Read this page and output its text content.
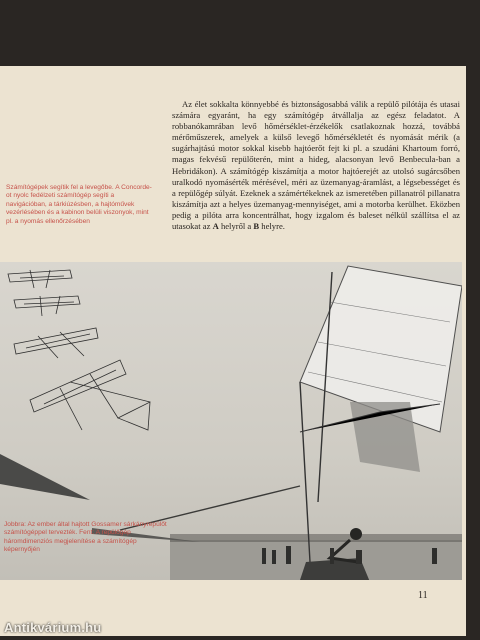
Számítógépek segítik fel a levegőbe. A Concorde-ot nyolc fedélzeti számítógép segíti a navigációban, a tárkiúzésben, a hajtóművek vezérlésében és a kabinon belüli viszonyok, mint pl. a nyomás ellenőrzésében

Az élet sokkalta könnyebbé és biztonságosabbá válik a repülő pilótája és utasai számára egyaránt, ha egy számítógép átvállalja az egész feladatot. A robbanókamrában levő hőmérséklet-érzékelők csatlakoznak hozzá, továbbá mérőműszerek, amelyek a külső levegő hőmérsékletét és nyomását mérik (a sugárhajtású motor sokkal kisebb hajtóerőt fejt ki pl. a szudáni Khartoum forró, magas fekvésű repülőterén, mint a hideg, alacsonyan levő Benbecula-ban a Hebridákon). A számítógép kiszámítja a motor hajtóerejét az utolsó sugárcsőben uralkodó nyomásérték mérésével, méri az üzemanyag-áramlást, a légsebességet és a repülőgép súlyát. Ezeknek a számértékeknek az ismeretében pillanatról pillanatra kiszámítja azt a helyes üzemanyag-mennyiséget, ami a motorba kerülhet. Eközben pedig a pilóta arra koncentrálhat, hogy izgalom és baleset nélkül szállítsa el az utasokat az A helyről a B helyre.

Jobbra: Az ember által hajtott Gossamer sárkányrepülőt számítógéppel tervezték. Fent: A repülőgép háromdimenziós megjelenítése a számítógép képernyőjén
11
Antikvárium.hu
